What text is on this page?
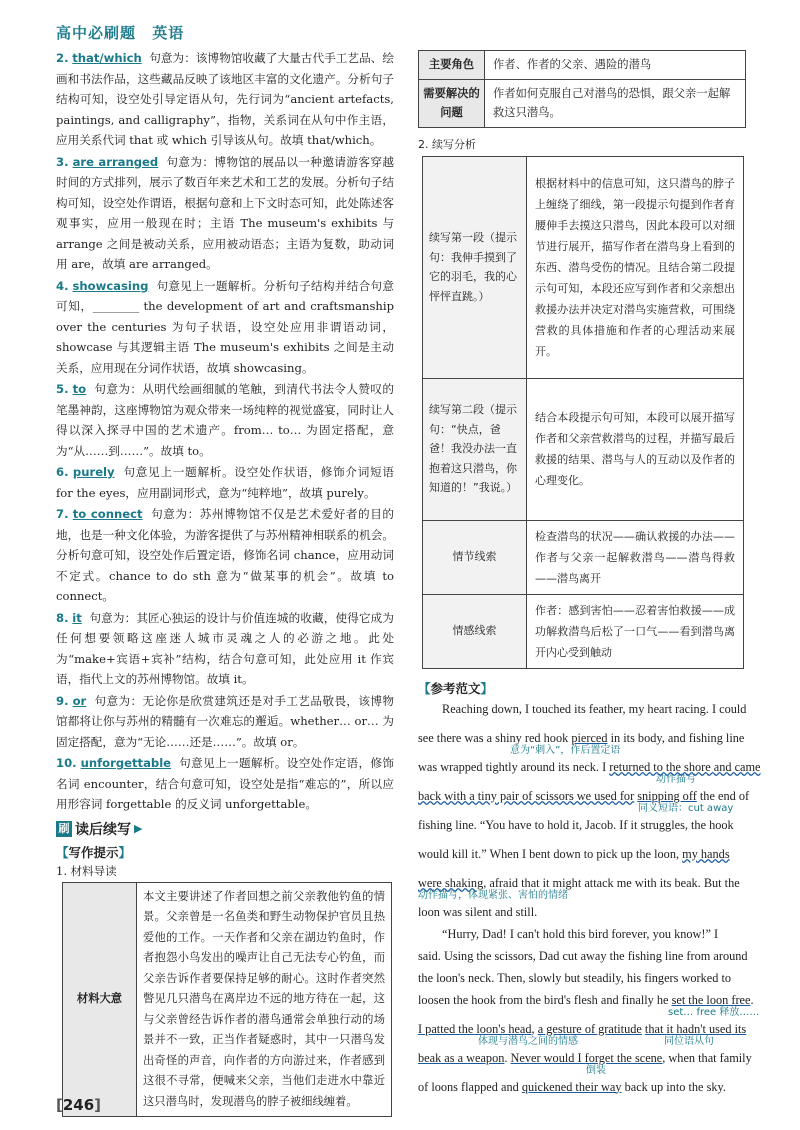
高中必刷题 英语
2. that/which 句意为：该博物馆收藏了大量古代手工艺品、绘画和书法作品，这些藏品反映了该地区丰富的文化遗产。分析句子结构可知，设空处引导定语从句，先行词为“ancient artefacts, paintings, and calligraphy”，指物，关系词在从句中作主语，应用关系代词 that 或 which 引导该从句。故填 that/which。
3. are arranged 句意为：博物馆的展品以一种邀请游客穿越时间的方式排列，展示了数百年来艺术和工艺的发展。分析句子结构可知，设空处作谓语，根据句意和上下文时态可知，此处陈述客观事实，应用一般现在时；主语 The museum's exhibits 与 arrange 之间是被动关系，应用被动语态；主语为复数，助动词用 are，故填 are arranged。
4. showcasing 句意见上一题解析。分析句子结构并结合句意可知，________ the development of art and craftsmanship over the centuries 为句子状语，设空处应用非谓语动词，showcase 与其逻辑主语 The museum's exhibits 之间是主动关系，应用现在分词作状语，故填 showcasing。
5. to 句意为：从明代绘画细腻的笔触，到清代书法令人赞叹的笔墨神韵，这座博物馆为观众带来一场纯粹的视觉盛宴，同时让人得以深入探寻中国的艺术遗产。from… to… 为固定搭配，意为“从……到……”。故填 to。
6. purely 句意见上一题解析。设空处作状语，修饰介词短语 for the eyes，应用副词形式，意为“纯粹地”，故填 purely。
7. to connect 句意为：苏州博物馆不仅是艺术爱好者的目的地，也是一种文化体验，为游客提供了与苏州精神相联系的机会。分析句意可知，设空处作后置定语，修饰名词 chance，应用动词不定式。chance to do sth 意为“做某事的机会”。故填 to connect。
8. it 句意为：其匠心独运的设计与价值连城的收藏，使得它成为任何想要领略这座迷人城市灵魂之人的必游之地。此处为“make+宾语+宾补”结构，结合句意可知，此处应用 it 作宾语，指代上文的苏州博物馆。故填 it。
9. or 句意为：无论你是欣赏建筑还是对手工艺品敬畏，该博物馆都将让你与苏州的精髓有一次难忘的邂逅。whether… or… 为固定搭配，意为“无论……还是……”。故填 or。
10. unforgettable 句意见上一题解析。设空处作定语，修饰名词 encounter，结合句意可知，设空处是指“难忘的”，所以应用形容词 forgettable 的反义词 unforgettable。
刷 读后续写 ▶
【写作提示】
1. 材料导读
材料大意	本文主要讲述了作者回想之前父亲教他钓鱼的情景。父亲曾是一名鱼类和野生动物保护官员且热爱他的工作。一天作者和父亲在湖边钓鱼时，作者抱怨小鸟发出的噪声让自己无法专心钓鱼，而父亲告诉作者要保持足够的耐心。这时作者突然瞥见几只潜鸟在离岸边不远的地方待在一起，这与父亲曾经告诉作者的潜鸟通常会单独行动的场景并不一致，正当作者疑惑时，其中一只潜鸟发出奇怪的声音，向作者的方向游过来，作者感到这很不寻常，便喊来父亲，当他们走进水中靠近这只潜鸟时，发现潜鸟的脖子被细线缠着。
[246]
主要角色	作者、作者的父亲、遇险的潜鸟
需要解决的问题	作者如何克服自己对潜鸟的恐惧，跟父亲一起解救这只潜鸟。
2. 续写分析
续写第一段（提示句：我伸手摸到了它的羽毛，我的心怦怦直跳。）	根据材料中的信息可知，这只潜鸟的脖子上缠绕了细线，第一段提示句提到作者育腰伸手去摸这只潜鸟，因此本段可以对细节进行展开，描写作者在潜鸟身上看到的东西、潜鸟受伤的情况。且结合第二段提示句可知，本段还应写到作者和父亲想出救援办法并决定对潜鸟实施营救，可围绕营救的具体措施和作者的心理活动来展开。
续写第二段（提示句：“快点，爸爸！我没办法一直抱着这只潜鸟，你知道的！”我说。）	结合本段提示句可知，本段可以展开描写作者和父亲营救潜鸟的过程，并描写最后救援的结果、潜鸟与人的互动以及作者的心理变化。
情节线索	检查潜鸟的状况——确认救援的办法——作者与父亲一起解救潜鸟——潜鸟得救——潜鸟离开
情感线索	作者：感到害怕——忍着害怕救援——成功解救潜鸟后松了一口气——看到潜鸟离开内心受到触动
【参考范文】
Reaching down, I touched its feather, my heart racing. I could
see there was a shiny red hook pierced in its body, and fishing line
意为“刺入”，作后置定语
was wrapped tightly around its neck. I returned to the shore and came
动作描写
back with a tiny pair of scissors we used for snipping off the end of
同义短语：cut away
fishing line. “You have to hold it, Jacob. If it struggles, the hook
would kill it.” When I bent down to pick up the loon, my hands
were shaking, afraid that it might attack me with its beak. But the
动作描写，体现紧张、害怕的情绪
loon was silent and still.
“Hurry, Dad! I can't hold this bird forever, you know!” I
said. Using the scissors, Dad cut away the fishing line from around
the loon's neck. Then, slowly but steadily, his fingers worked to
loosen the hook from the bird's flesh and finally he set the loon free.
set… free 释放……
I patted the loon's head, a gesture of gratitude that it hadn't used its
体现与潜鸟之间的情感	同位语从句
beak as a weapon. Never would I forget the scene, when that family
倒装
of loons flapped and quickened their way back up into the sky.
